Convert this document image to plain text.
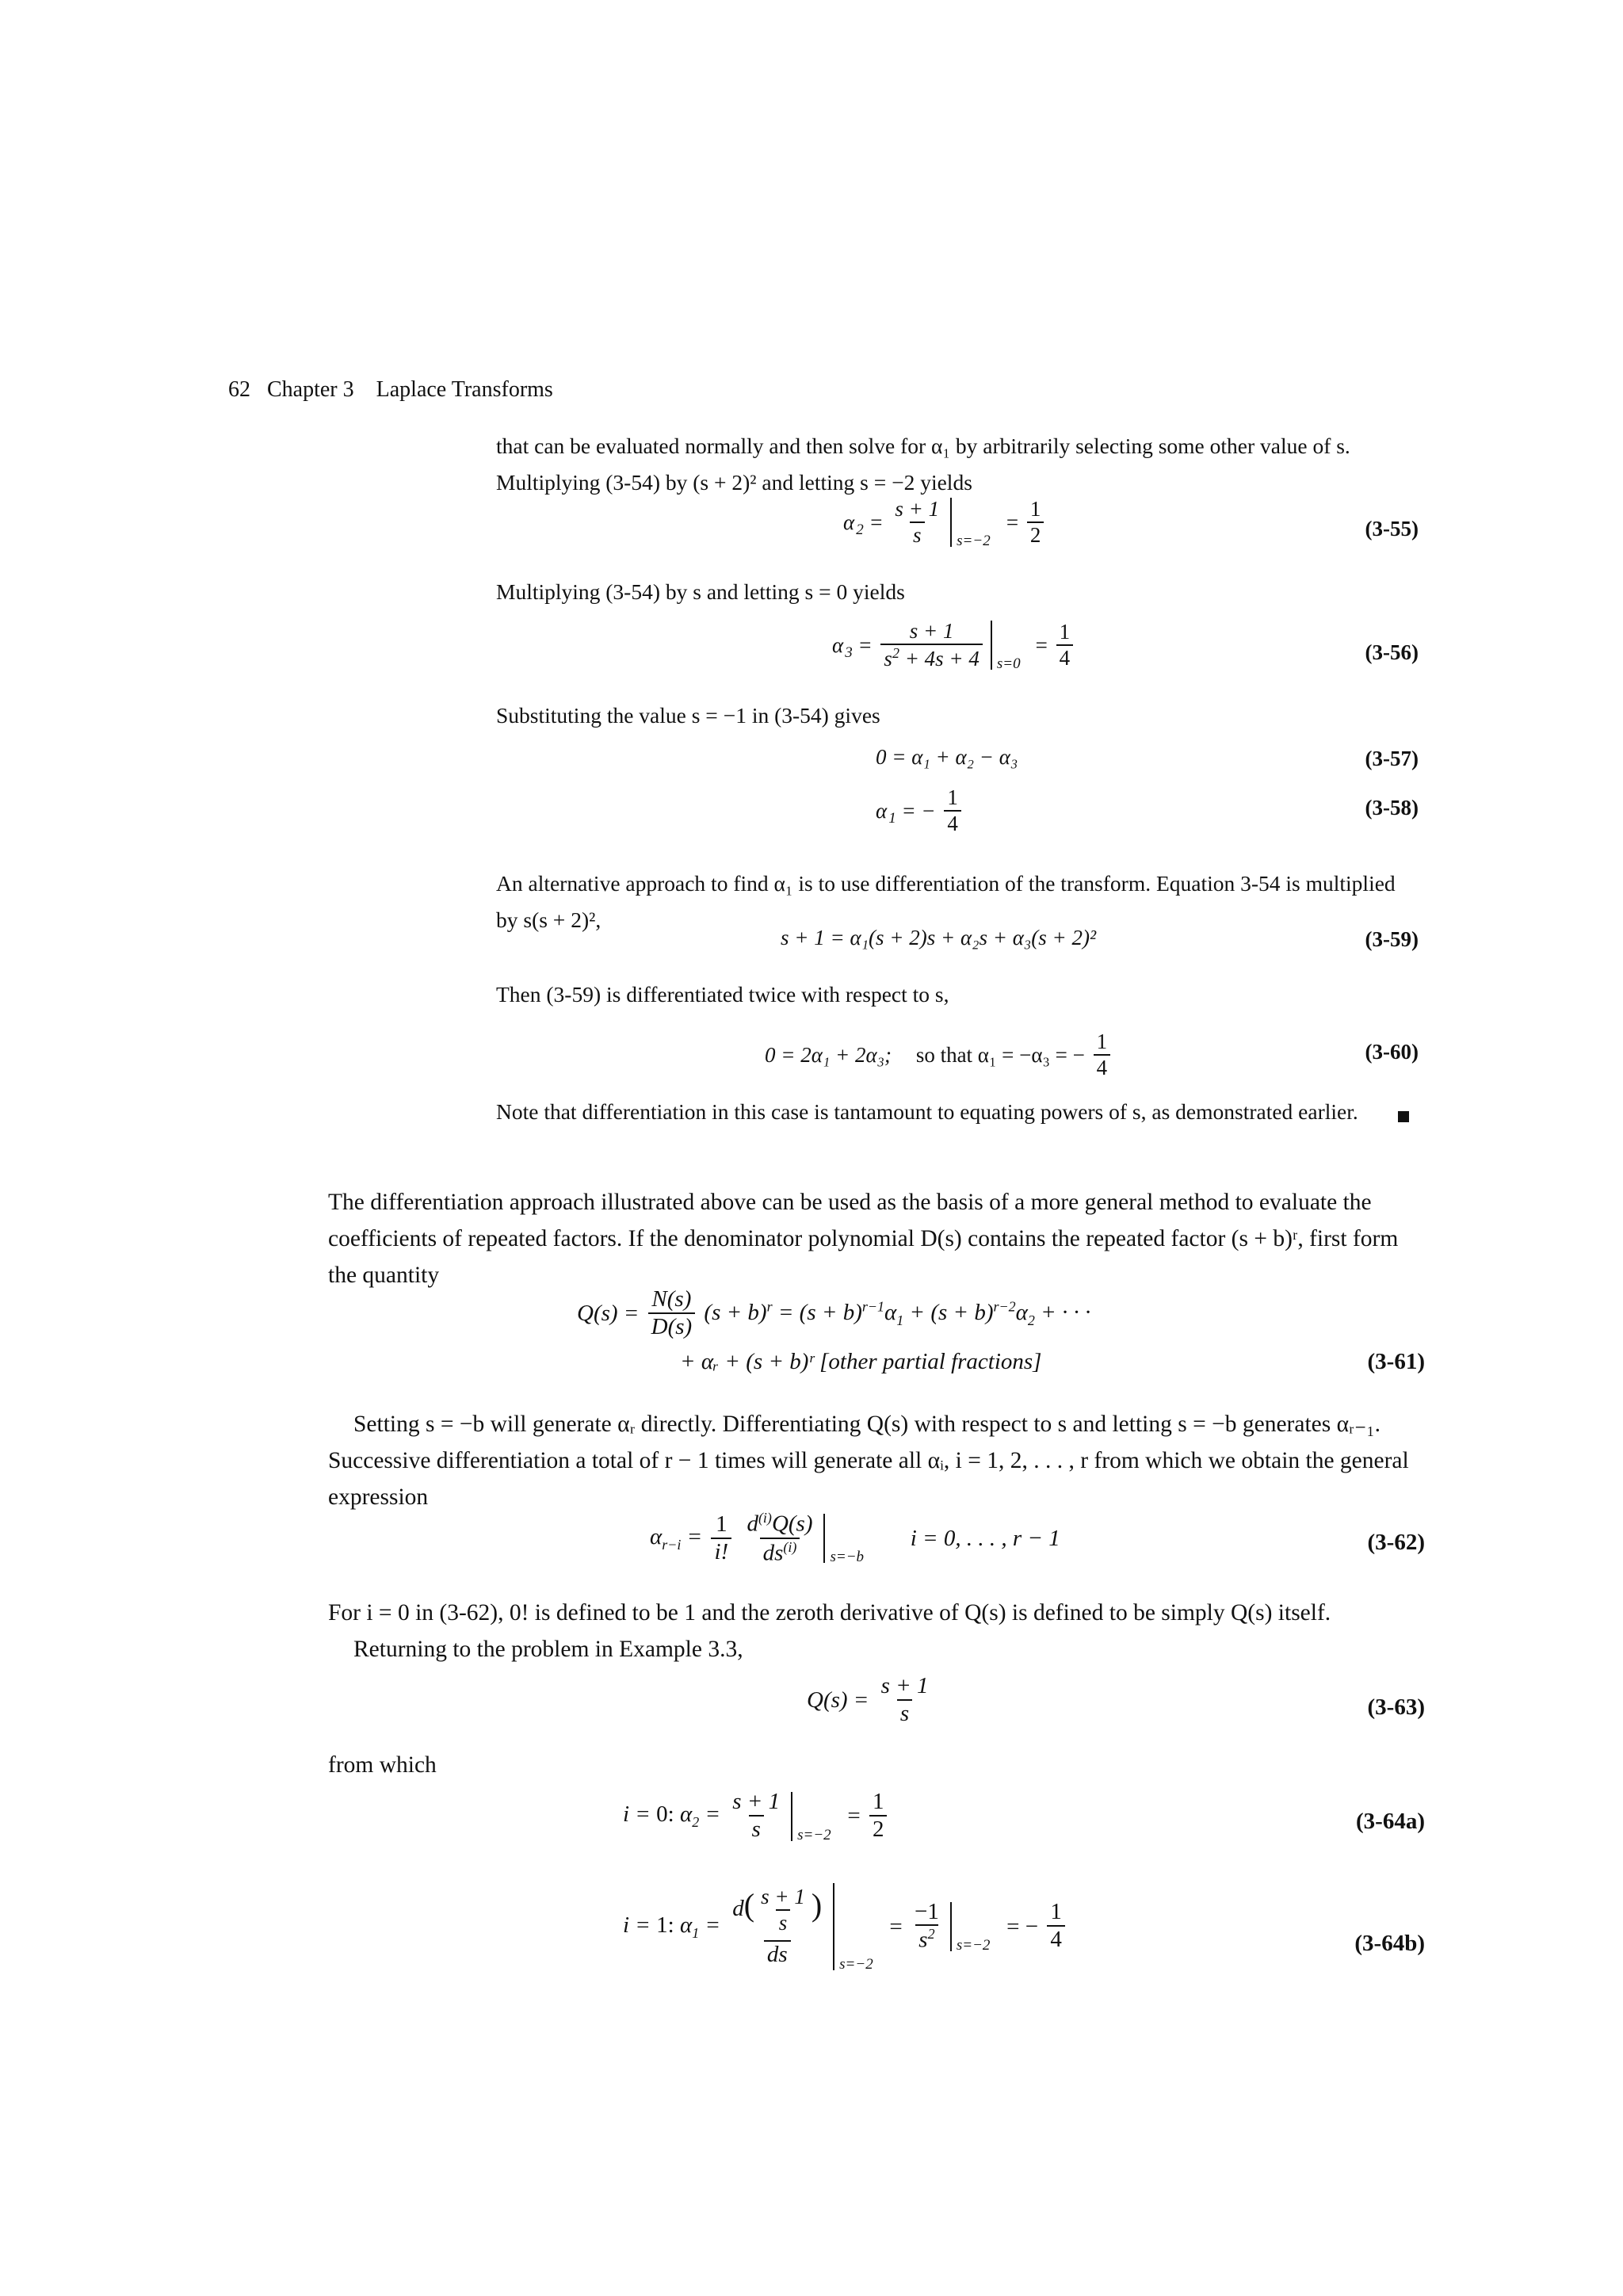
62 Chapter 3 Laplace Transforms
that can be evaluated normally and then solve for α₁ by arbitrarily selecting some other value of s. Multiplying (3-54) by (s + 2)² and letting s = −2 yields
α $_2 = \frac{s + 1}{s} s=-2$
= $\frac{1}{2}$	(3-55)
Multiplying (3-54) by s and letting s = 0 yields
α $_3 = \frac{s + 1}{s^2 + 4s + 4} s=0$
= $\frac{1}{4}$	(3-56)
Substituting the value s = −1 in (3-54) gives
0 = α₁ + α₂ − α₃	(3-57)
α $_1$ = − $\frac{1}{4}$	(3-58)
An alternative approach to find α₁ is to use differentiation of the transform. Equation 3-54 is multiplied by s(s + 2)²,
s + 1 = α₁(s + 2)s + α₂s + α₃(s + 2)²	(3-59)
Then (3-59) is differentiated twice with respect to s,
0 = 2α₁ + 2α₃; so that α₁ = −α₃ = − $\frac{1}{4}$	(3-60)
Note that differentiation in this case is tantamount to equating powers of s, as demonstrated earlier.
The differentiation approach illustrated above can be used as the basis of a more general method to evaluate the coefficients of repeated factors. If the denominator polynomial D(s) contains the repeated factor (s + b)ʳ, first form the quantity
$Q(s) = \frac{N(s)}{D(s)} (s + b)^r = (s + b)^{r-1}\alpha_1 + (s + b)^{r-2}\alpha_2$ + · · ·
+ αᵣ + (s + b)ʳ [other partial fractions]	(3-61)
Setting s = −b will generate αᵣ directly. Differentiating Q(s) with respect to s and letting s = −b generates αᵣ₋₁. Successive differentiation a total of r − 1 times will generate all αᵢ, i = 1, 2, . . . , r from which we obtain the general expression
$\alpha_{r-i} = \frac{1}{i!}$
$\frac{d^{(i)}Q(s)}{ds^{(i)}} s=-b$
i = 0, . . . , r − 1	(3-62)
For i = 0 in (3-62), 0! is defined to be 1 and the zeroth derivative of Q(s) is defined to be simply Q(s) itself.
Returning to the problem in Example 3.3,
$Q(s) = \frac{s + 1}{s}$	(3-63)
from which
i = 0: $\alpha_2 = \frac{s + 1}{s} s=-2$
= $\frac{1}{2}$	(3-64a)
i = 1: $\alpha_1 = \frac{d( \frac{s + 1}{s} )}{ds} s=-2$
= $\frac{-1}{s^2} s=-2$
= − $\frac{1}{4}$	(3-64b)
